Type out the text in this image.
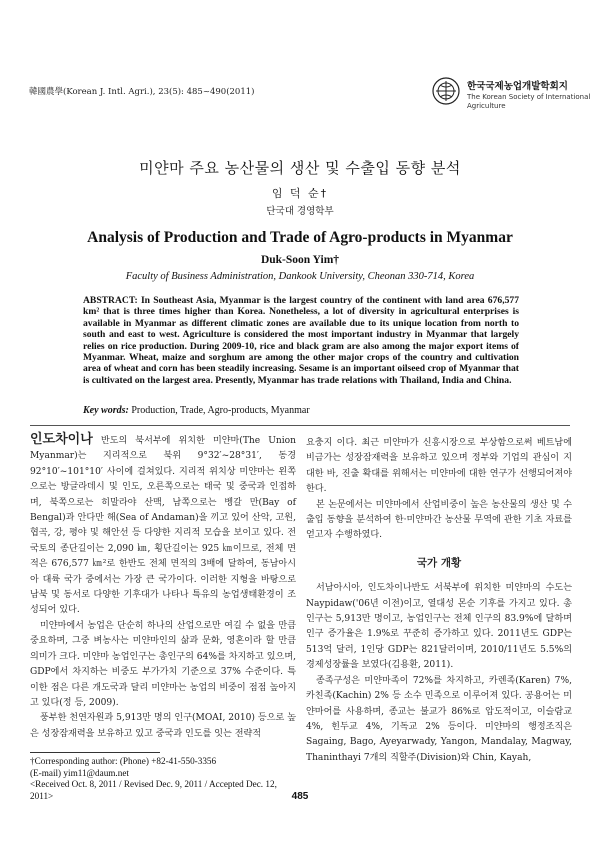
韓國農學(Korean J. Intl. Agri.), 23(5): 485~490(2011)	한국국제농업개발학회지
The Korean Society of International
Agriculture
미얀마 주요 농산물의 생산 및 수출입 동향 분석
임 덕 순†
단국대 경영학부
Analysis of Production and Trade of Agro-products in Myanmar
Duk-Soon Yim†
Faculty of Business Administration, Dankook University, Cheonan 330-714, Korea
ABSTRACT: In Southeast Asia, Myanmar is the largest country of the continent with land area 676,577 km² that is three times higher than Korea. Nonetheless, a lot of diversity in agricultural enterprises is available in Myanmar as different climatic zones are available due to its unique location from north to south and east to west. Agriculture is considered the most important industry in Myanmar that largely relies on rice production. During 2009-10, rice and black gram are also among the major export items of Myanmar. Wheat, maize and sorghum are among the other major crops of the country and cultivation area of wheat and corn has been steadily increasing. Sesame is an important oilseed crop of Myanmar that is cultivated on the largest area. Presently, Myanmar has trade relations with Thailand, India and China.
Key words: Production, Trade, Agro-products, Myanmar

인도차이나 반도의 북서부에 위치한 미얀마(The Union Myanmar)는 지리적으로 북위 9°32′~28°31′, 동경 92°10′~101°10′ 사이에 걸쳐있다. 지리적 위치상 미얀마는 왼쪽으로는 방글라데시 및 인도, 오른쪽으로는 태국 및 중국과 인접하며, 북쪽으로는 히말라야 산맥, 남쪽으로는 벵갈 만(Bay of Bengal)과 안다만 해(Sea of Andaman)을 끼고 있어 산악, 고원, 협곡, 강, 평야 및 해안선 등 다양한 지리적 모습을 보이고 있다. 전 국토의 종단길이는 2,090 ㎞, 횡단길이는 925 ㎞이므로, 전체 면적은 676,577 ㎞²로 한반도 전체 면적의 3배에 달하여, 동남아시아 대륙 국가 중에서는 가장 큰 국가이다. 이러한 지형을 바탕으로 남북 및 동서로 다양한 기후대가 나타나 특유의 농업생태환경이 조성되어 있다.

미얀마에서 농업은 단순히 하나의 산업으로만 여길 수 없을 만큼 중요하며, 그중 벼농사는 미얀마인의 삶과 문화, 영혼이라 할 만큼 의미가 크다. 미얀마 농업인구는 총인구의 64%를 차지하고 있으며, GDP에서 차지하는 비중도 부가가치 기준으로 37% 수준이다. 특이한 점은 다른 개도국과 달리 미얀마는 농업의 비중이 점점 높아지고 있다(정 등, 2009).

풍부한 천연자원과 5,913만 명의 인구(MOAI, 2010) 등으로 높은 성장잠재력을 보유하고 있고 중국과 인도를 잇는 전략적

요충지 이다. 최근 미얀마가 신흥시장으로 부상함으로써 베트남에 비금가는 성장잠재력을 보유하고 있으며 정부와 기업의 관심이 지대한 바, 진출 확대를 위해서는 미얀마에 대한 연구가 선행되어져야 한다.

본 논문에서는 미얀마에서 산업비중이 높은 농산물의 생산 및 수출입 동향을 분석하여 한·미얀마간 농산물 무역에 관한 기초 자료를 얻고자 수행하였다.

국가 개황

서남아시아, 인도차이나반도 서북부에 위치한 미얀마의 수도는 Naypidaw('06년 이전)이고, 열대성 몬순 기후를 가지고 있다. 총 인구는 5,913만 명이고, 농업인구는 전체 인구의 83.9%에 달하며 인구 증가율은 1.9%로 꾸준히 증가하고 있다. 2011년도 GDP는 513억 달러, 1인당 GDP는 821달러이며, 2010/11년도 5.5%의 경제성장률을 보였다(김용환, 2011).

종족구성은 미얀마족이 72%를 차지하고, 카렌족(Karen) 7%, 카친족(Kachin) 2% 등 소수 민족으로 이루어져 있다. 공용어는 미얀마어를 사용하며, 종교는 불교가 86%로 압도적이고, 이슬람교 4%, 힌두교 4%, 기독교 2% 등이다. 미얀마의 행정조직은 Sagaing, Bago, Ayeyarwady, Yangon, Mandalay, Magway, Thaninthayi 7개의 직할주(Division)와 Chin, Kayah,

†Corresponding author: (Phone) +82-41-550-3356
(E-mail) yim11@daum.net
<Received Oct. 8, 2011 / Revised Dec. 9, 2011 / Accepted Dec. 12, 2011>	485
